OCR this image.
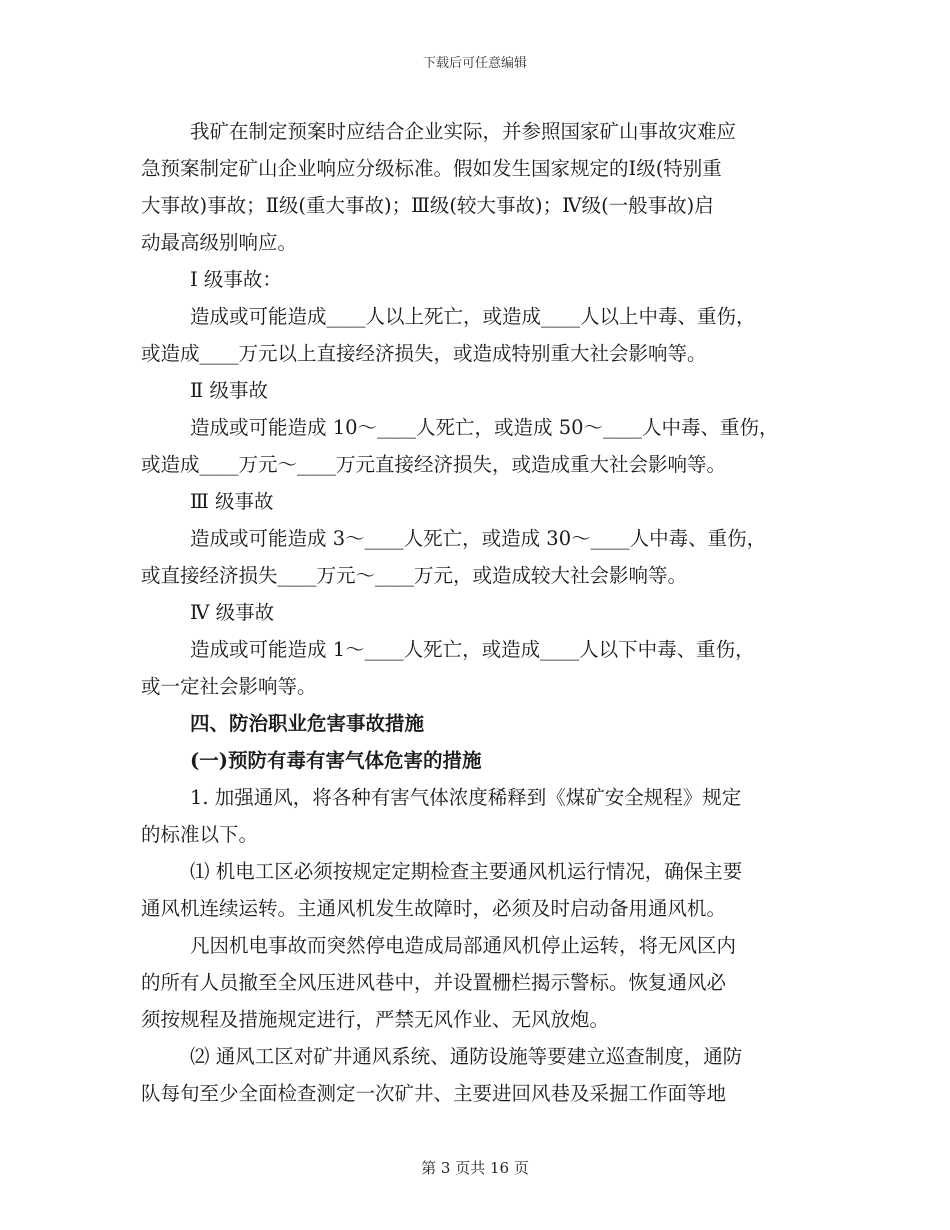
下载后可任意编辑
我矿在制定预案时应结合企业实际，并参照国家矿山事故灾难应
急预案制定矿山企业响应分级标准。假如发生国家规定的Ⅰ级(特别重
大事故)事故；Ⅱ级(重大事故)；Ⅲ级(较大事故)；Ⅳ级(一般事故)启
动最高级别响应。
Ⅰ 级事故：
造成或可能造成____人以上死亡，或造成____人以上中毒、重伤，
或造成____万元以上直接经济损失，或造成特别重大社会影响等。
Ⅱ 级事故
造成或可能造成 10～____人死亡，或造成 50～____人中毒、重伤，
或造成____万元～____万元直接经济损失，或造成重大社会影响等。
Ⅲ 级事故
造成或可能造成 3～____人死亡，或造成 30～____人中毒、重伤，
或直接经济损失____万元～____万元，或造成较大社会影响等。
Ⅳ 级事故
造成或可能造成 1～____人死亡，或造成____人以下中毒、重伤，
或一定社会影响等。
四、防治职业危害事故措施
(一)预防有毒有害气体危害的措施
1. 加强通风，将各种有害气体浓度稀释到《煤矿安全规程》规定
的标准以下。
⑴ 机电工区必须按规定定期检查主要通风机运行情况，确保主要
通风机连续运转。主通风机发生故障时，必须及时启动备用通风机。
凡因机电事故而突然停电造成局部通风机停止运转，将无风区内
的所有人员撤至全风压进风巷中，并设置栅栏揭示警标。恢复通风必
须按规程及措施规定进行，严禁无风作业、无风放炮。
⑵ 通风工区对矿井通风系统、通防设施等要建立巡查制度，通防
队每旬至少全面检查测定一次矿井、主要进回风巷及采掘工作面等地
第 3 页共 16 页
